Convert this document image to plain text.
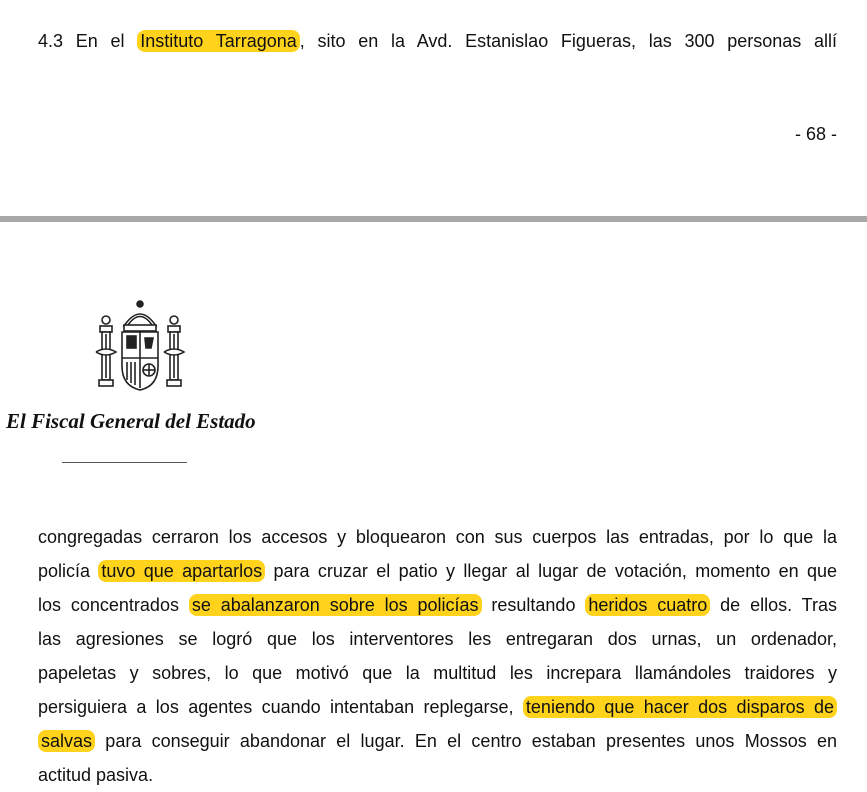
4.3 En el Instituto Tarragona , sito en la Avd. Estanislao Figueras, las 300 personas allí
- 68 -
El Fiscal General del Estado
congregadas cerraron los accesos y bloquearon con sus cuerpos las entradas, por lo que la
policía tuvo que apartarlos para cruzar el patio y llegar al lugar de votación, momento en que
los concentrados se abalanzaron sobre los policías resultando heridos cuatro de ellos. Tras
las agresiones se logró que los interventores les entregaran dos urnas, un ordenador,
papeletas y sobres, lo que motivó que la multitud les increpara llamándoles traidores y
persiguiera a los agentes cuando intentaban replegarse, teniendo que hacer dos disparos de
salvas para conseguir abandonar el lugar. En el centro estaban presentes unos Mossos en
actitud pasiva.
